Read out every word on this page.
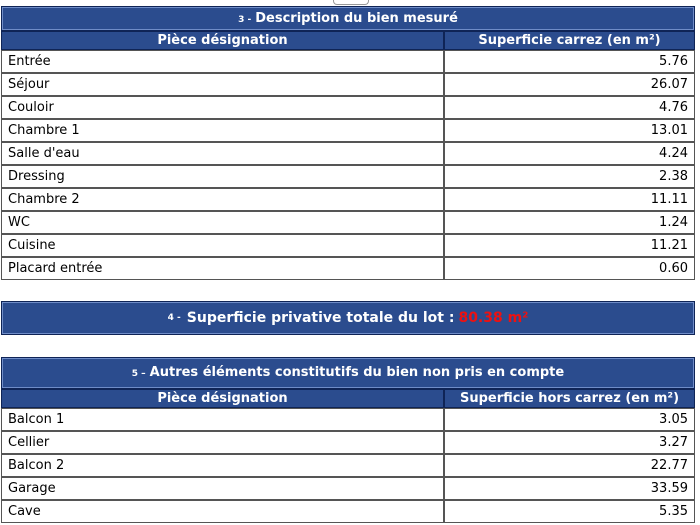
3 - Description du bien mesuré
Pièce désignation	Superficie carrez (en m²)
Entrée	5.76
Séjour	26.07
Couloir	4.76
Chambre 1	13.01
Salle d'eau	4.24
Dressing	2.38
Chambre 2	11.11
WC	1.24
Cuisine	11.21
Placard entrée	0.60
4 - Superficie privative totale du lot : 80.38 m²
5 – Autres éléments constitutifs du bien non pris en compte
Pièce désignation	Superficie hors carrez (en m²)
Balcon 1	3.05
Cellier	3.27
Balcon 2	22.77
Garage	33.59
Cave	5.35
